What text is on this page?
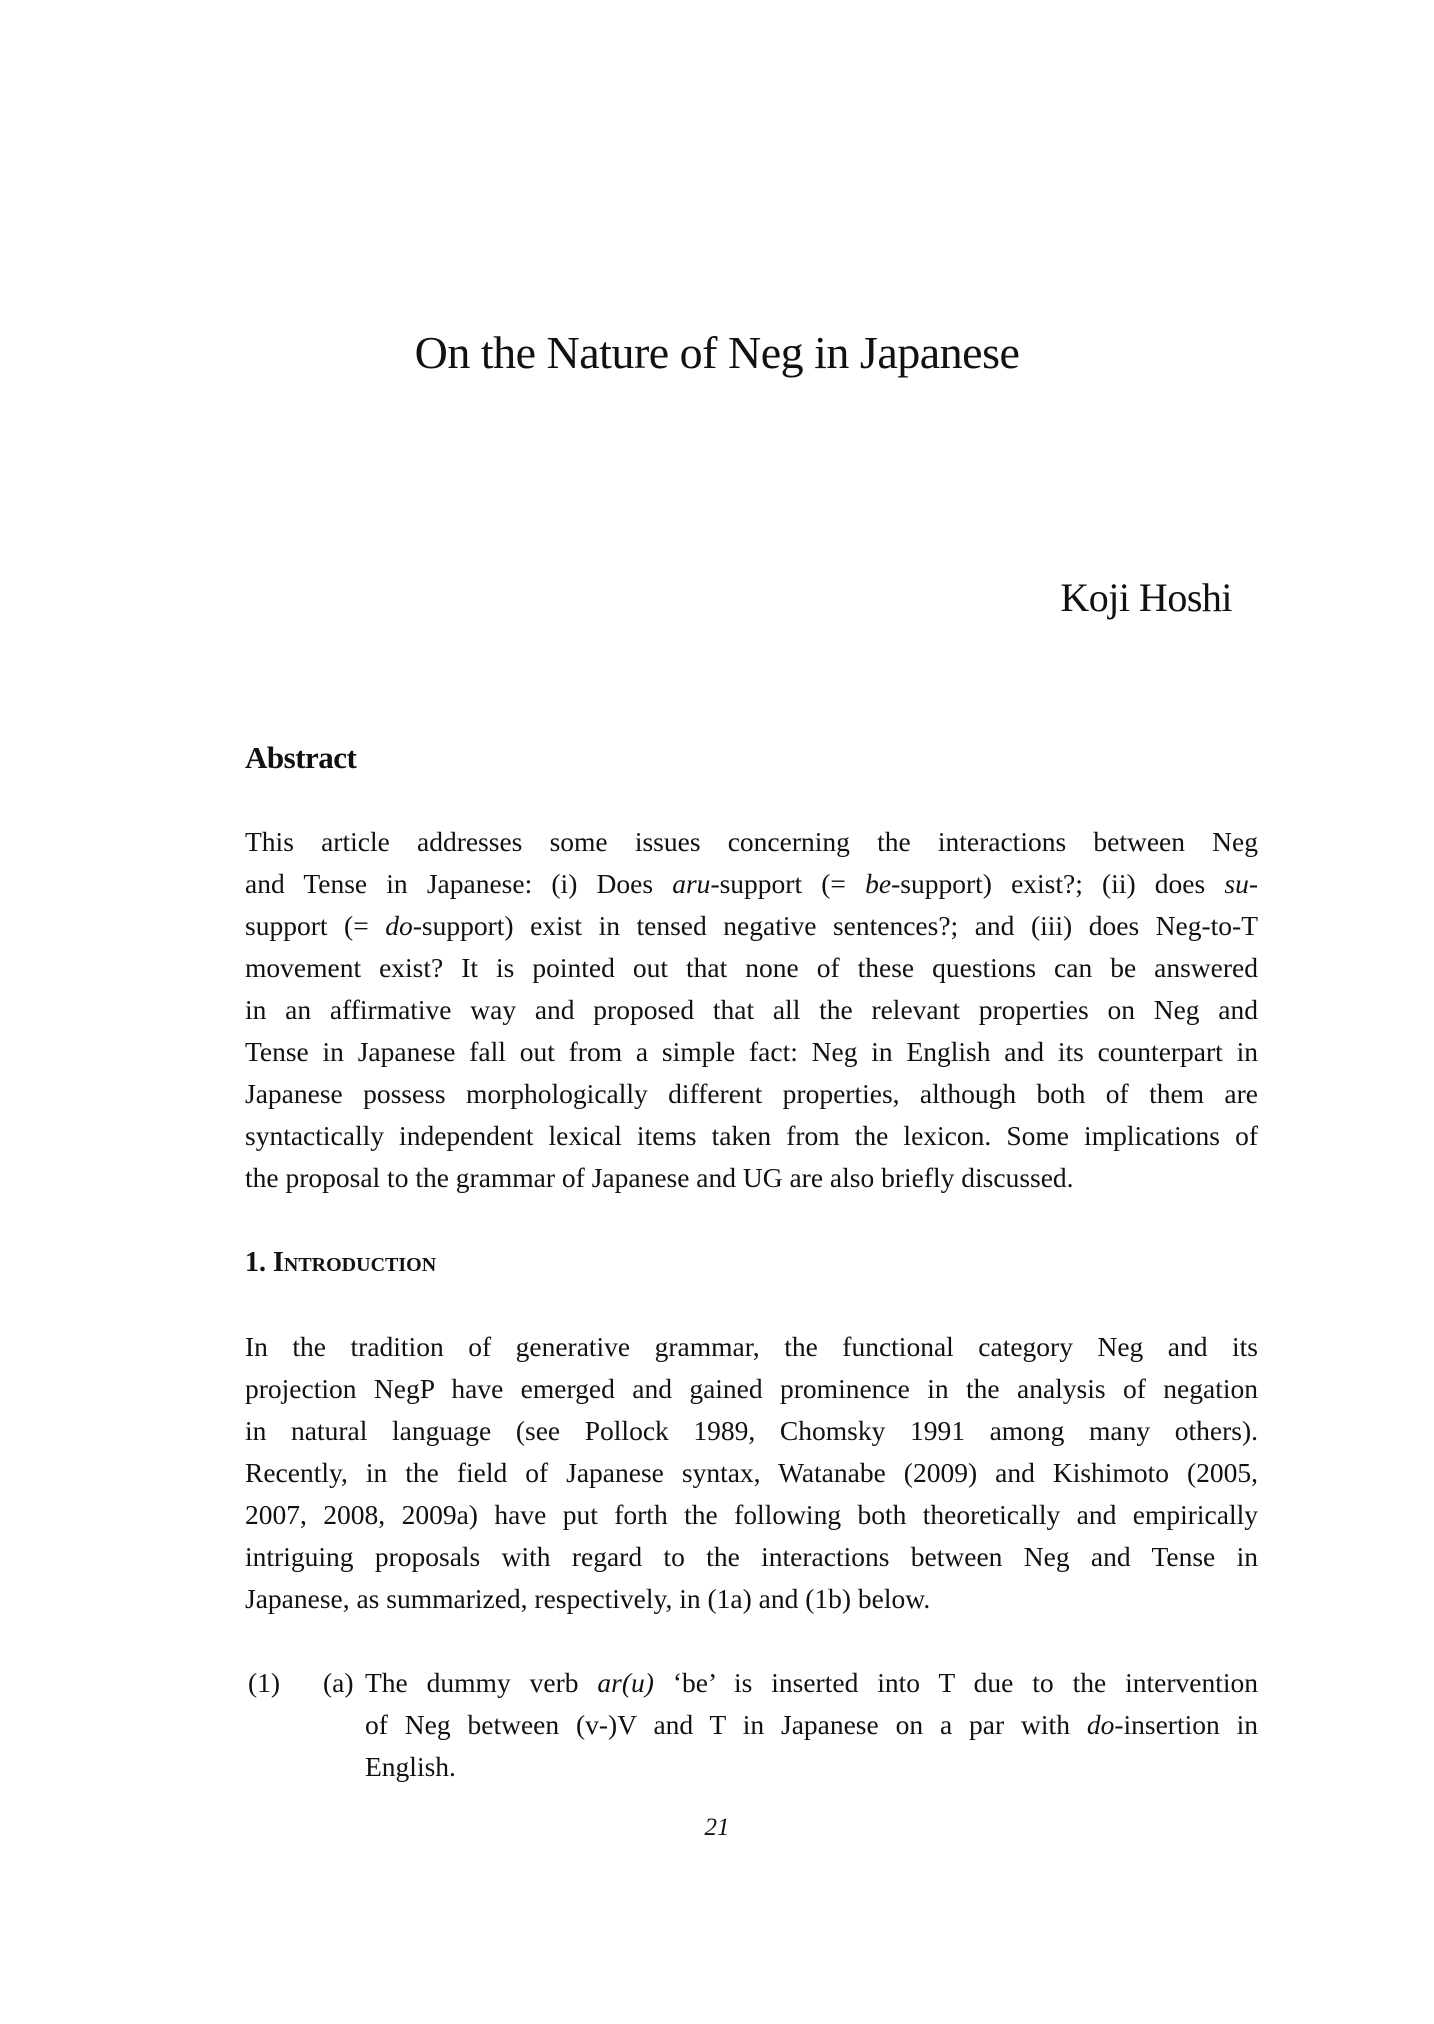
On the Nature of Neg in Japanese
Koji Hoshi
Abstract
This article addresses some issues concerning the interactions between Neg
and Tense in Japanese: (i) Does aru-support (= be-support) exist?; (ii) does su-
support (= do-support) exist in tensed negative sentences?; and (iii) does Neg-to-T
movement exist? It is pointed out that none of these questions can be answered
in an affirmative way and proposed that all the relevant properties on Neg and
Tense in Japanese fall out from a simple fact: Neg in English and its counterpart in
Japanese possess morphologically different properties, although both of them are
syntactically independent lexical items taken from the lexicon. Some implications of
the proposal to the grammar of Japanese and UG are also briefly discussed.
1. Introduction
In the tradition of generative grammar, the functional category Neg and its
projection NegP have emerged and gained prominence in the analysis of negation
in natural language (see Pollock 1989, Chomsky 1991 among many others).
Recently, in the field of Japanese syntax, Watanabe (2009) and Kishimoto (2005,
2007, 2008, 2009a) have put forth the following both theoretically and empirically
intriguing proposals with regard to the interactions between Neg and Tense in
Japanese, as summarized, respectively, in (1a) and (1b) below.
(1) (a) The dummy verb ar(u) ‘be’ is inserted into T due to the intervention
of Neg between (v-)V and T in Japanese on a par with do-insertion in
English.
21
